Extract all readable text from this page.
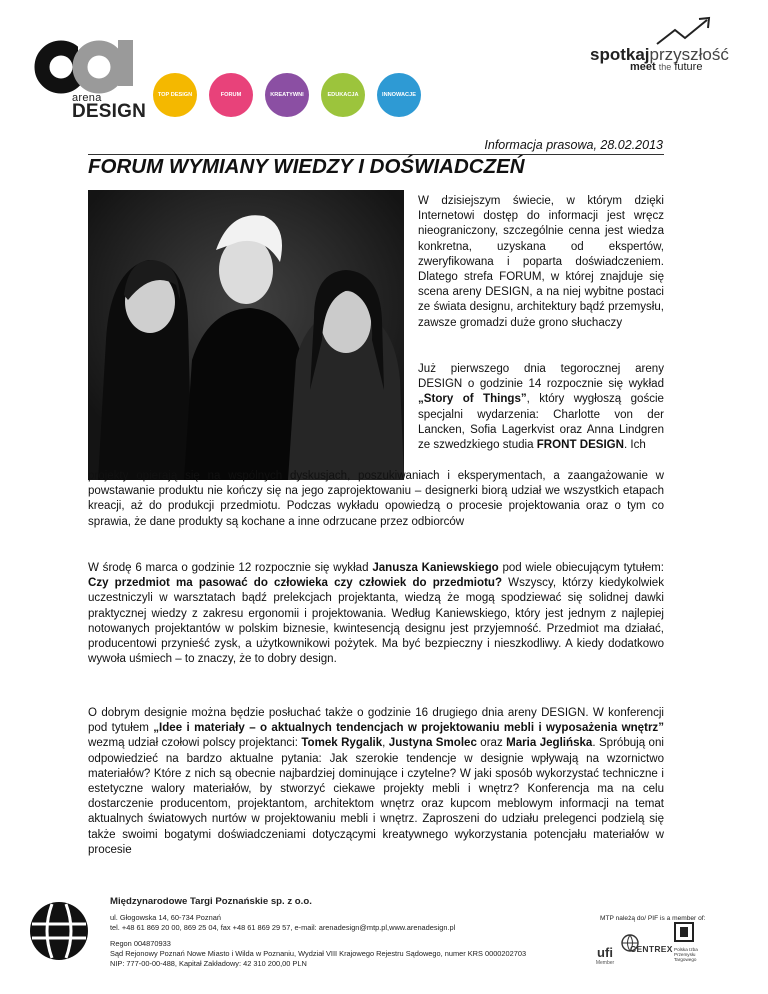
arena
DESIGN
TOP DESIGN	FORUM	KREATYWNI	EDUKACJA	INNOWACJE
spotkajprzyszłość
meet the future
Informacja prasowa, 28.02.2013
FORUM WYMIANY WIEDZY I DOŚWIADCZEŃ

W dzisiejszym świecie, w którym dzięki Internetowi dostęp do informacji jest wręcz nieograniczony, szczególnie cenna jest wiedza konkretna, uzyskana od ekspertów, zweryfikowana i poparta doświadczeniem. Dlatego strefa FORUM, w której znajduje się scena areny DESIGN, a na niej wybitne postaci ze świata designu, architektury bądź przemysłu, zawsze gromadzi duże grono słuchaczy

Już pierwszego dnia tegorocznej areny DESIGN o godzinie 14 rozpocznie się wykład „Story of Things”, który wygłoszą goście specjalni wydarzenia: Charlotte von der Lancken, Sofia Lagerkvist oraz Anna Lindgren ze szwedzkiego studia FRONT DESIGN. Ich

projekty opierają się na wspólnych dyskusjach, poszukiwaniach i eksperymentach, a zaangażowanie w powstawanie produktu nie kończy się na jego zaprojektowaniu – designerki biorą udział we wszystkich etapach kreacji, aż do produkcji przedmiotu. Podczas wykładu opowiedzą o procesie projektowania oraz o tym co sprawia, że dane produkty są kochane a inne odrzucane przez odbiorców

W środę 6 marca o godzinie 12 rozpocznie się wykład Janusza Kaniewskiego pod wiele obiecującym tytułem: Czy przedmiot ma pasować do człowieka czy człowiek do przedmiotu? Wszyscy, którzy kiedykolwiek uczestniczyli w warsztatach bądź prelekcjach projektanta, wiedzą że mogą spodziewać się solidnej dawki praktycznej wiedzy z zakresu ergonomii i projektowania. Według Kaniewskiego, który jest jednym z najlepiej notowanych projektantów w polskim biznesie, kwintesencją designu jest przyjemność. Przedmiot ma działać, producentowi przynieść zysk, a użytkownikowi pożytek. Ma być bezpieczny i nieszkodliwy. A kiedy dodatkowo wywoła uśmiech – to znaczy, że to dobry design.

O dobrym designie można będzie posłuchać także o godzinie 16 drugiego dnia areny DESIGN. W konferencji pod tytułem „Idee i materiały – o aktualnych tendencjach w projektowaniu mebli i wyposażenia wnętrz” wezmą udział czołowi polscy projektanci: Tomek Rygalik, Justyna Smolec oraz Maria Jeglińska. Spróbują oni odpowiedzieć na bardzo aktualne pytania: Jak szerokie tendencje w designie wpływają na wzornictwo materiałów? Które z nich są obecnie najbardziej dominujące i czytelne? W jaki sposób wykorzystać techniczne i estetyczne walory materiałów, by stworzyć ciekawe projekty mebli i wnętrz? Konferencja ma na celu dostarczenie producentom, projektantom, architektom wnętrz oraz kupcom meblowym informacji na temat aktualnych światowych nurtów w projektowaniu mebli i wnętrz. Zaproszeni do udziału prelegenci podzielą się także swoimi bogatymi doświadczeniami dotyczącymi kreatywnego wykorzystania potencjału materiałów w procesie

Międzynarodowe Targi Poznańskie sp. z o.o.
ul. Głogowska 14, 60-734 Poznań
tel. +48 61 869 20 00, 869 25 04, fax +48 61 869 29 57, e-mail: arenadesign@mtp.pl,www.arenadesign.pl
Regon 004870933
Sąd Rejonowy Poznań Nowe Miasto i Wilda w Poznaniu, Wydział VIII Krajowego Rejestru Sądowego, numer KRS 0000202703
NIP: 777-00-00-488, Kapitał Zakładowy: 42 310 200,00 PLN
MTP należą do/ PIF is a member of:
ufi
Member
CENTREX Polska Izba Przemysłu Targowego
